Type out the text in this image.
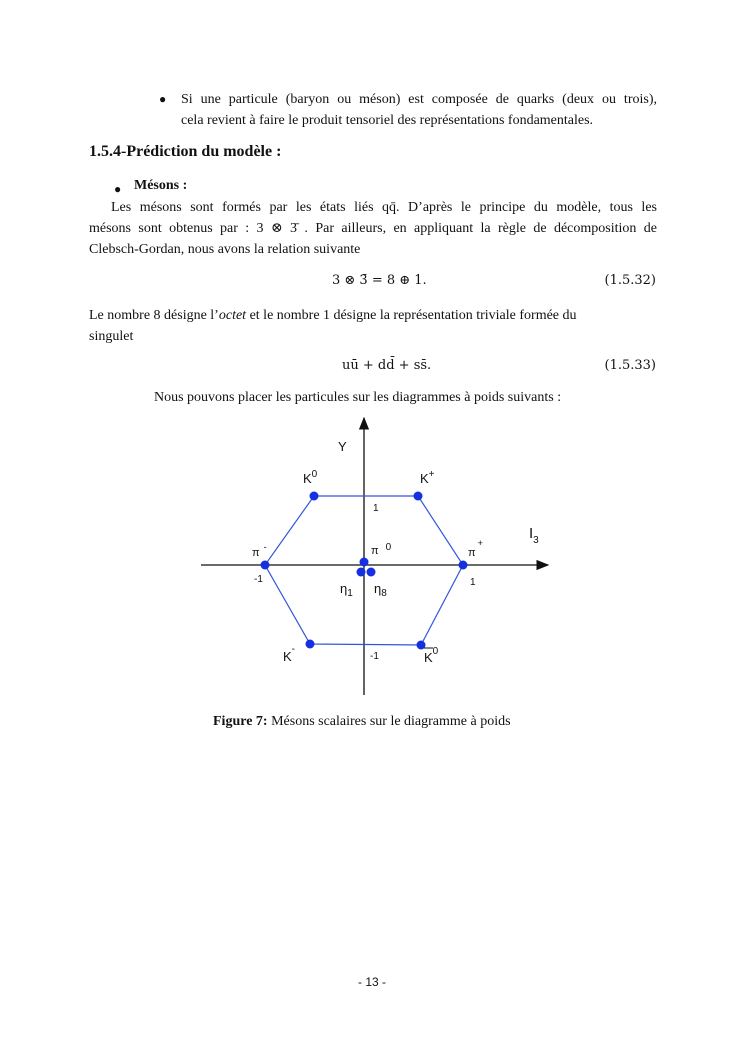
● Si une particule (baryon ou méson) est composée de quarks (deux ou trois),
cela revient à faire le produit tensoriel des représentations fondamentales.
1.5.4-Prédiction du modèle :
● Mésons :
Les mésons sont formés par les états liés qq̄. D’après le principe du modèle, tous les
mésons sont obtenus par : 3 ⊗ 3̄ . Par ailleurs, en appliquant la règle de décomposition de
Clebsch-Gordan, nous avons la relation suivante
3 ⊗ 3̄ = 8 ⊕ 1.	(1.5.32)
Le nombre 8 désigne l’octet et le nombre 1 désigne la représentation triviale formée du
singulet
uū + dd̄ + ss̄.	(1.5.33)
Nous pouvons placer les particules sur les diagrammes à poids suivants :
Y
$I_3$
1
-1
1
-1
$K^0$	K+
π -	π 0	π+
$\eta_1$ $\eta_8$
K-
$K^0$
Figure 7: Mésons scalaires sur le diagramme à poids
- 13 -
